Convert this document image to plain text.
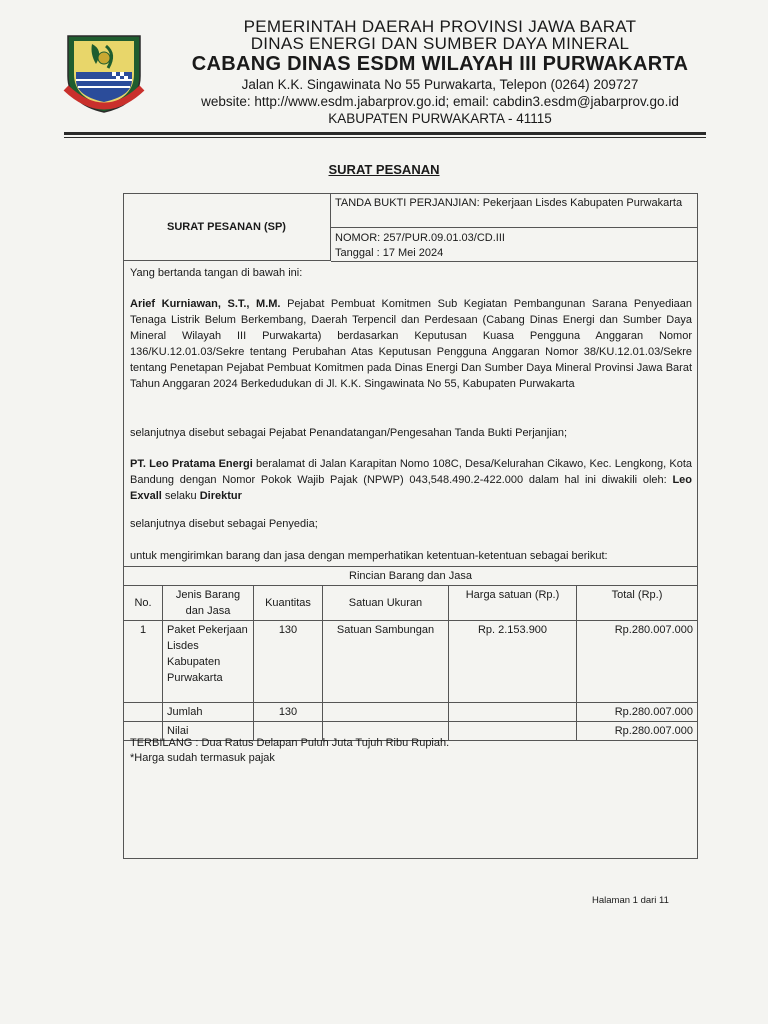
PEMERINTAH DAERAH PROVINSI JAWA BARAT
DINAS ENERGI DAN SUMBER DAYA MINERAL
CABANG DINAS ESDM WILAYAH III PURWAKARTA
Jalan K.K. Singawinata No 55 Purwakarta, Telepon (0264) 209727
website: http://www.esdm.jabarprov.go.id; email: cabdin3.esdm@jabarprov.go.id
KABUPATEN PURWAKARTA - 41115
SURAT PESANAN
SURAT PESANAN (SP)
TANDA BUKTI PERJANJIAN: Pekerjaan Lisdes Kabupaten Purwakarta
NOMOR: 257/PUR.09.01.03/CD.III
Tanggal : 17 Mei 2024
Yang bertanda tangan di bawah ini:
Arief Kurniawan, S.T., M.M. Pejabat Pembuat Komitmen Sub Kegiatan Pembangunan Sarana Penyediaan Tenaga Listrik Belum Berkembang, Daerah Terpencil dan Perdesaan (Cabang Dinas Energi dan Sumber Daya Mineral Wilayah III Purwakarta) berdasarkan Keputusan Kuasa Pengguna Anggaran Nomor 136/KU.12.01.03/Sekre tentang Perubahan Atas Keputusan Pengguna Anggaran Nomor 38/KU.12.01.03/Sekre tentang Penetapan Pejabat Pembuat Komitmen pada Dinas Energi Dan Sumber Daya Mineral Provinsi Jawa Barat Tahun Anggaran 2024 Berkedudukan di Jl. K.K. Singawinata No 55, Kabupaten Purwakarta
selanjutnya disebut sebagai Pejabat Penandatangan/Pengesahan Tanda Bukti Perjanjian;
PT. Leo Pratama Energi beralamat di Jalan Karapitan Nomo 108C, Desa/Kelurahan Cikawo, Kec. Lengkong, Kota Bandung dengan Nomor Pokok Wajib Pajak (NPWP) 043,548.490.2-422.000 dalam hal ini diwakili oleh: Leo Exvall selaku Direktur
selanjutnya disebut sebagai Penyedia;
untuk mengirimkan barang dan jasa dengan memperhatikan ketentuan-ketentuan sebagai berikut:
Rincian Barang dan Jasa					
No.	Jenis Barang dan Jasa	Kuantitas	Satuan Ukuran	Harga satuan (Rp.)	Total (Rp.)
1	Paket Pekerjaan Lisdes Kabupaten Purwakarta	130	Satuan Sambungan	Rp. 2.153.900	Rp.280.007.000
	Jumlah	130			Rp.280.007.000
	Nilai				Rp.280.007.000
TERBILANG : Dua Ratus Delapan Puluh Juta Tujuh Ribu Rupiah.
*Harga sudah termasuk pajak
Halaman 1 dari 11
